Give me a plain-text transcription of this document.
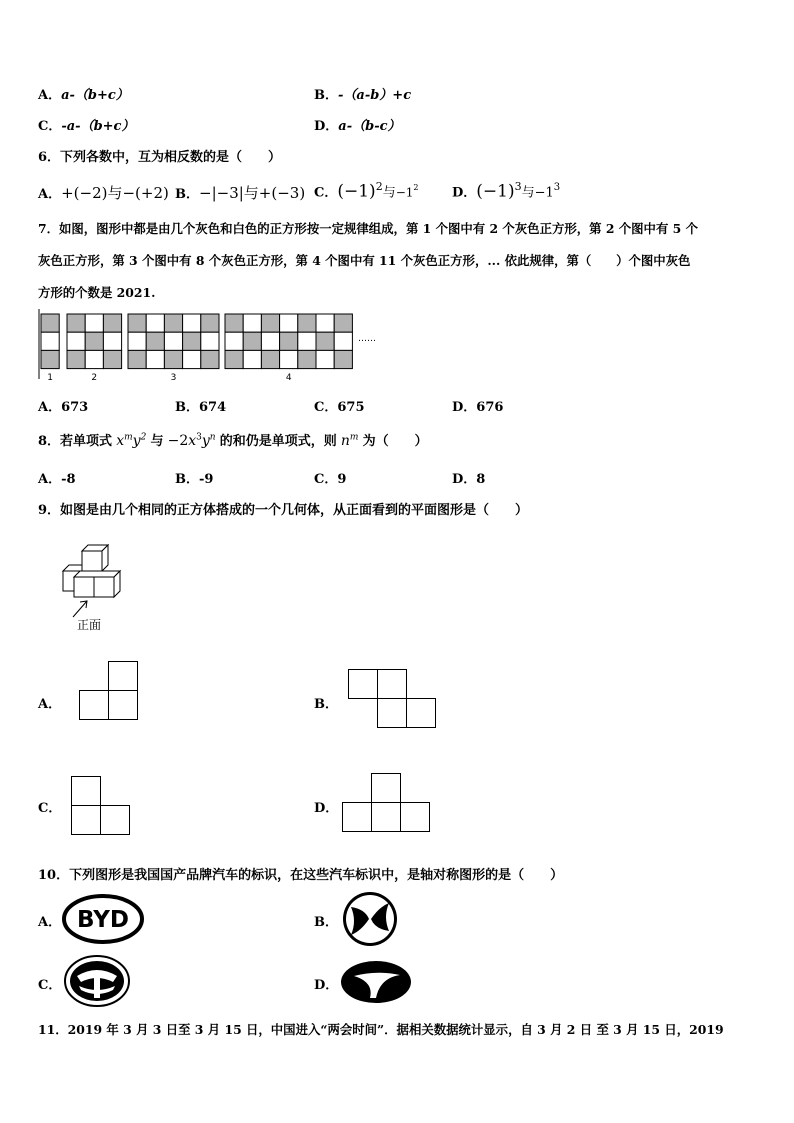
A．a-（b+c）	B．-（a-b）+c
C．-a-（b+c）	D．a-（b-c）
6．下列各数中，互为相反数的是（　　）
A．+(−2)与−(+2) B．−|−3|与+(−3) C．$(-1)^2$与$-1^2$	D．$(-1)^3$与$-1^3$
7．如图，图形中都是由几个灰色和白色的正方形按一定规律组成，第 1 个图中有 2 个灰色正方形，第 2 个图中有 5 个
灰色正方形，第 3 个图中有 8 个灰色正方形，第 4 个图中有 11 个灰色正方形，... 依此规律，第（　　）个图中灰色
方形的个数是 2021.
1	2	3	4
……
A．673	B．674	C．675	D．676
8．若单项式 $x^my^2$ 与 $-2x^3y^n$ 的和仍是单项式，则 $n^m$ 为（　　）
A．-8	B．-9	C．9	D．8
9．如图是由几个相同的正方体搭成的一个几何体，从正面看到的平面图形是（　　）
正面
A．	B．
C．	D．
10．下列图形是我国国产品牌汽车的标识，在这些汽车标识中，是轴对称图形的是（　　）
A． BYD	B．
C．	D．
11．2019 年 3 月 3 日至 3 月 15 日，中国进入“两会时间”．据相关数据统计显示，自 3 月 2 日 至 3 月 15 日，2019
